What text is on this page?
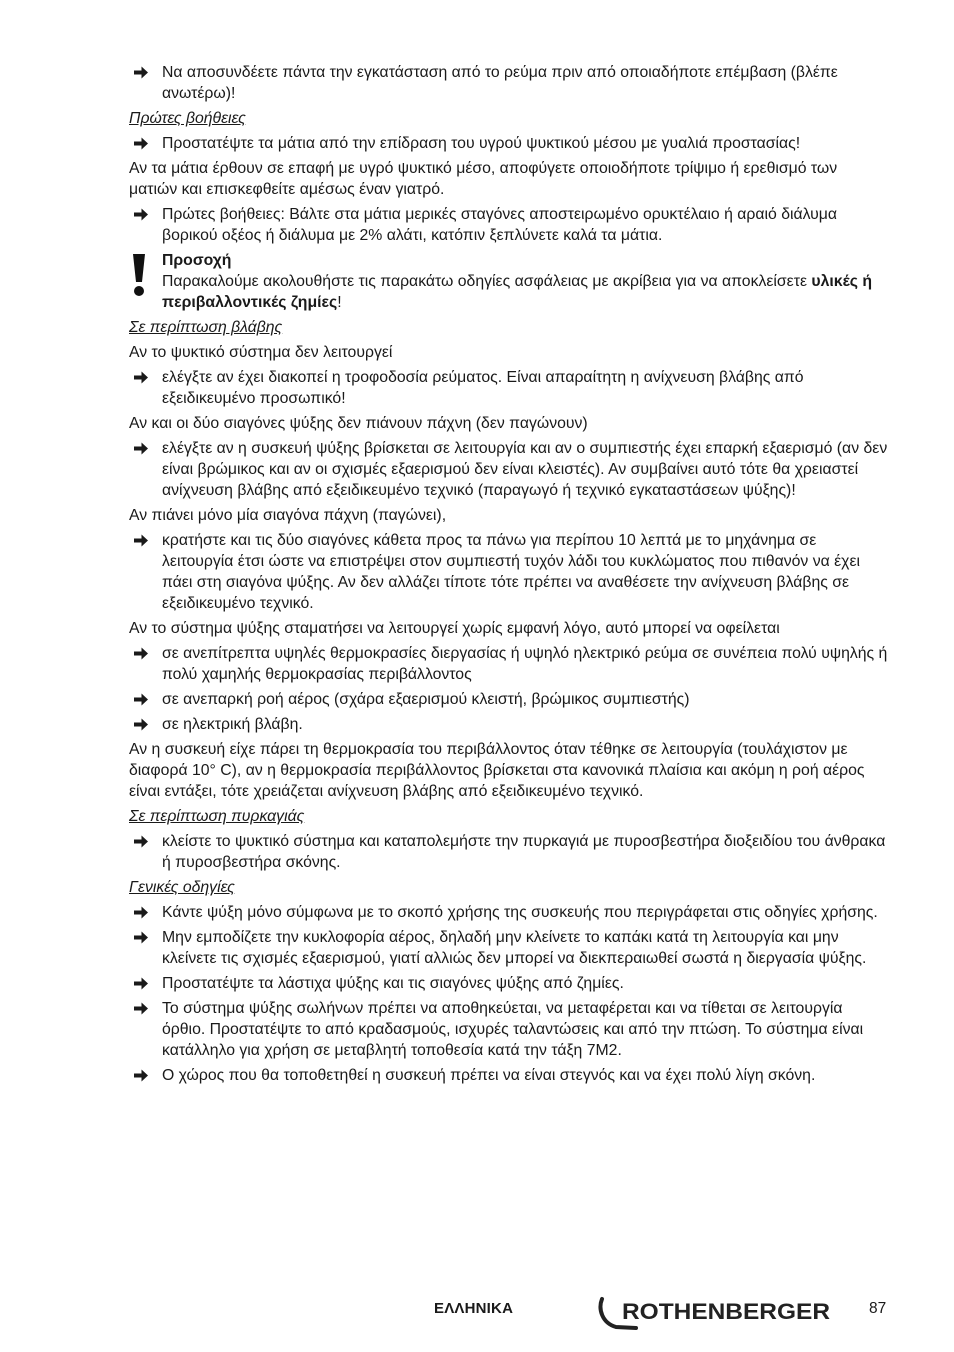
Να αποσυνδέετε πάντα την εγκατάσταση από το ρεύμα πριν από οποιαδήποτε επέμβαση (βλέπε ανωτέρω)!
Πρώτες βοήθειες
Προστατέψτε τα μάτια από την επίδραση του υγρού ψυκτικού μέσου με γυαλιά προστασίας!
Αν τα μάτια έρθουν σε επαφή με υγρό ψυκτικό μέσο, αποφύγετε οποιοδήποτε τρίψιμο ή ερεθισμό των ματιών και επισκεφθείτε αμέσως έναν γιατρό.
Πρώτες βοήθειες: Βάλτε στα μάτια μερικές σταγόνες αποστειρωμένο ορυκτέλαιο ή αραιό διάλυμα βορικού οξέος ή διάλυμα με 2% αλάτι, κατόπιν ξεπλύνετε καλά τα μάτια.
Προσοχή
Παρακαλούμε ακολουθήστε τις παρακάτω οδηγίες ασφάλειας με ακρίβεια για να αποκλείσετε υλικές ή περιβαλλοντικές ζημίες!
Σε περίπτωση βλάβης
Αν το ψυκτικό σύστημα δεν λειτουργεί
ελέγξτε αν έχει διακοπεί η τροφοδοσία ρεύματος. Είναι απαραίτητη η ανίχνευση βλάβης από εξειδικευμένο προσωπικό!
Αν και οι δύο σιαγόνες ψύξης δεν πιάνουν πάχνη (δεν παγώνουν)
ελέγξτε αν η συσκευή ψύξης βρίσκεται σε λειτουργία και αν ο συμπιεστής έχει επαρκή εξαερισμό (αν δεν είναι βρώμικος και αν οι σχισμές εξαερισμού δεν είναι κλειστές). Αν συμβαίνει αυτό τότε θα χρειαστεί ανίχνευση βλάβης από εξειδικευμένο τεχνικό (παραγωγό ή τεχνικό εγκαταστάσεων ψύξης)!
Αν πιάνει μόνο μία σιαγόνα πάχνη (παγώνει),
κρατήστε και τις δύο σιαγόνες κάθετα προς τα πάνω για περίπου 10 λεπτά με το μηχάνημα σε λειτουργία έτσι ώστε να επιστρέψει στον συμπιεστή τυχόν λάδι του κυκλώματος που πιθανόν να έχει πάει στη σιαγόνα ψύξης. Αν δεν αλλάζει τίποτε τότε πρέπει να αναθέσετε την ανίχνευση βλάβης σε εξειδικευμένο τεχνικό.
Αν το σύστημα ψύξης σταματήσει να λειτουργεί χωρίς εμφανή λόγο, αυτό μπορεί να οφείλεται
σε ανεπίτρεπτα υψηλές θερμοκρασίες διεργασίας ή υψηλό ηλεκτρικό ρεύμα σε συνέπεια πολύ υψηλής ή πολύ χαμηλής θερμοκρασίας περιβάλλοντος
σε ανεπαρκή ροή αέρος (σχάρα εξαερισμού κλειστή, βρώμικος συμπιεστής)
σε ηλεκτρική βλάβη.
Αν η συσκευή είχε πάρει τη θερμοκρασία του περιβάλλοντος όταν τέθηκε σε λειτουργία (τουλάχιστον με διαφορά 10° C), αν η θερμοκρασία περιβάλλοντος βρίσκεται στα κανονικά πλαίσια και ακόμη η ροή αέρος είναι εντάξει, τότε χρειάζεται ανίχνευση βλάβης από εξειδικευμένο τεχνικό.
Σε περίπτωση πυρκαγιάς
κλείστε το ψυκτικό σύστημα και καταπολεμήστε την πυρκαγιά με πυροσβεστήρα διοξειδίου του άνθρακα ή πυροσβεστήρα σκόνης.
Γενικές οδηγίες
Κάντε ψύξη μόνο σύμφωνα με το σκοπό χρήσης της συσκευής που περιγράφεται στις οδηγίες χρήσης.
Μην εμποδίζετε την κυκλοφορία αέρος, δηλαδή μην κλείνετε το καπάκι κατά τη λειτουργία και μην κλείνετε τις σχισμές εξαερισμού, γιατί αλλιώς δεν μπορεί να διεκπεραιωθεί σωστά η διεργασία ψύξης.
Προστατέψτε τα λάστιχα ψύξης και τις σιαγόνες ψύξης από ζημίες.
Το σύστημα ψύξης σωλήνων πρέπει να αποθηκεύεται, να μεταφέρεται και να τίθεται σε λειτουργία όρθιο. Προστατέψτε το από κραδασμούς, ισχυρές ταλαντώσεις και από την πτώση. Το σύστημα είναι κατάλληλο για χρήση σε μεταβλητή τοποθεσία κατά την τάξη 7M2.
Ο χώρος που θα τοποθετηθεί η συσκευή πρέπει να είναι στεγνός και να έχει πολύ λίγη σκόνη.
ΕΛΛΗΝΙΚΑ	ROTHENBERGER	87
